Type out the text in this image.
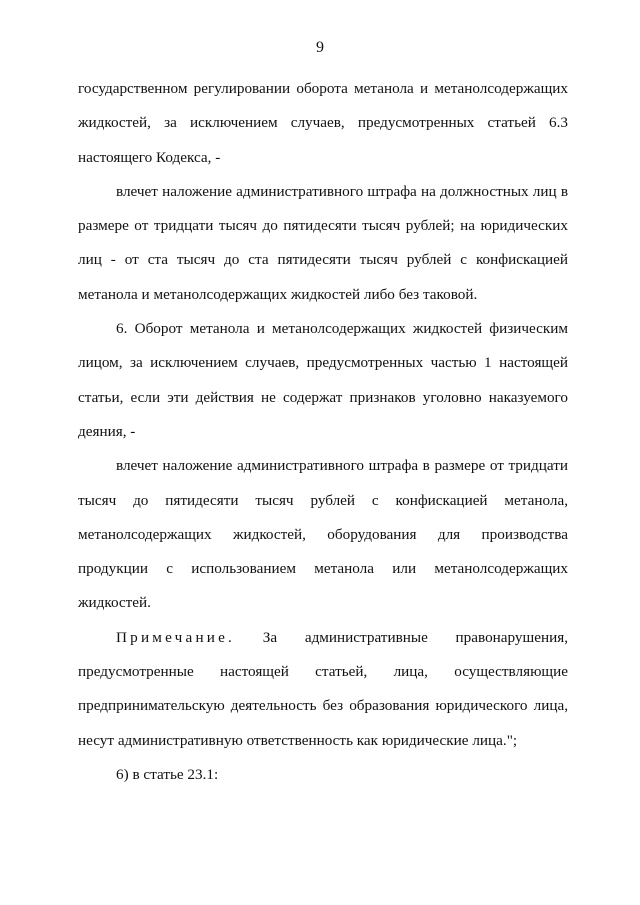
9

государственном регулировании оборота метанола и метанолсодержащих жидкостей, за исключением случаев, предусмотренных статьей 6.3 настоящего Кодекса, -

влечет наложение административного штрафа на должностных лиц в размере от тридцати тысяч до пятидесяти тысяч рублей; на юридических лиц - от ста тысяч до ста пятидесяти тысяч рублей с конфискацией метанола и метанолсодержащих жидкостей либо без таковой.

6. Оборот метанола и метанолсодержащих жидкостей физическим лицом, за исключением случаев, предусмотренных частью 1 настоящей статьи, если эти действия не содержат признаков уголовно наказуемого деяния, -

влечет наложение административного штрафа в размере от тридцати тысяч до пятидесяти тысяч рублей с конфискацией метанола, метанолсодержащих жидкостей, оборудования для производства продукции с использованием метанола или метанолсодержащих жидкостей.

Примечание. За административные правонарушения, предусмотренные настоящей статьей, лица, осуществляющие предпринимательскую деятельность без образования юридического лица, несут административную ответственность как юридические лица.";

6) в статье 23.1:
